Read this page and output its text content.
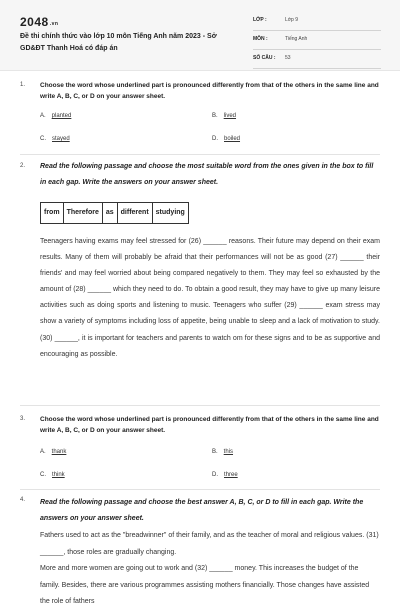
$2048^{.vn}$
Đề thi chính thức vào lớp 10 môn Tiếng Anh năm 2023 - Sở GD&ĐT Thanh Hoá có đáp án
LỚP :	Lớp 9
MÔN :	Tiếng Anh
SỐ CÂU : 53
1. Choose the word whose underlined part is pronounced differently from that of the others in the same line and write A, B, C, or D on your answer sheet.
A. planted	B. lived
C. stayed	D. boiled
2. Read the following passage and choose the most suitable word from the ones given in the box to fill in each gap. Write the answers on your answer sheet.
from	Therefore	as	different	studying

Teenagers having exams may feel stressed for (26) ______ reasons. Their future may depend on their exam results. Many of them will probably be afraid that their performances will not be as good (27) ______ their friends' and may feel worried about being compared negatively to them. They may feel so exhausted by the amount of (28) ______ which they need to do. To obtain a good result, they may have to give up many leisure activities such as doing sports and listening to music. Teenagers who suffer (29) ______ exam stress may show a variety of symptoms including loss of appetite, being unable to sleep and a lack of motivation to study. (30) ______, it is important for teachers and parents to watch om for these signs and to be as supportive and encouraging as possible.

3. Choose the word whose underlined part is pronounced differently from that of the others in the same line and write A, B, C, or D on your answer sheet.
A. thank	B. this
C. think	D. three
4. Read the following passage and choose the best answer A, B, C, or D to fill in each gap. Write the answers on your answer sheet.

Fathers used to act as the "breadwinner" of their family, and as the teacher of moral and religious values. (31) ______, those roles are gradually changing.

More and more women are going out to work and (32) ______ money. This increases the budget of the family. Besides, there are various programmes assisting mothers financially. Those changes have assisted the role of fathers
